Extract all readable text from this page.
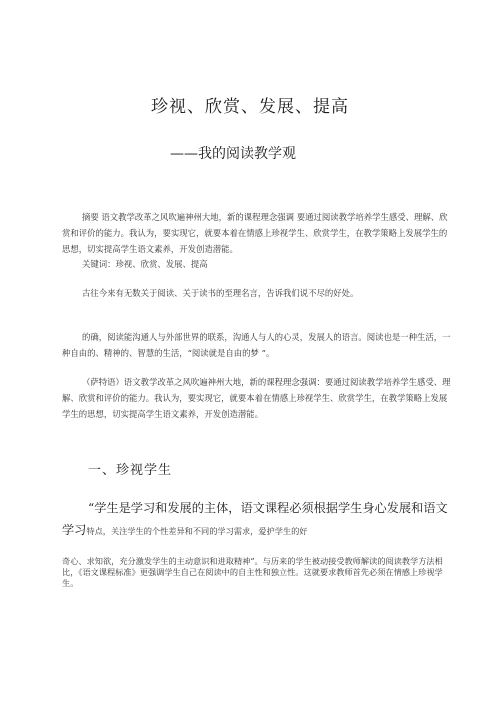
珍视、欣赏、发展、提高
——我的阅读教学观

摘要 语文教学改革之风吹遍神州大地，新的课程理念强调 要通过阅读教学培养学生感受、理解、欣赏和评价的能力。我认为，要实现它，就要本着在情感上珍视学生、欣赏学生，在教学策略上发展学生的思想，切实提高学生语文素养，开发创造潜能。

关键词：珍视、欣赏、发展、提高

古往今来有无数关于阅读、关于读书的至理名言，告诉我们说不尽的好处。

的确，阅读能沟通人与外部世界的联系，沟通人与人的心灵，发展人的语言。阅读也是一种生活，一种自由的、精神的、智慧的生活，“阅读就是自由的梦 ”。

（萨特语）语文教学改革之风吹遍神州大地，新的课程理念强调：要通过阅读教学培养学生感受、理解、欣赏和评价的能力。我认为，要实现它，就要本着在情感上珍视学生、欣赏学生，在教学策略上发展学生的思想，切实提高学生语文素养，开发创造潜能。

一、珍视学生

“学生是学习和发展的主体，语文课程必须根据学生身心发展和语文学习特点，关注学生的个性差异和不同的学习需求，爱护学生的好

奇心、求知欲，充分激发学生的主动意识和进取精神”。与历来的学生被动接受教师解读的阅读教学方法相比，《语文课程标准》更强调学生自己在阅读中的自主性和独立性。这就要求教师首先必须在情感上珍视学生。
